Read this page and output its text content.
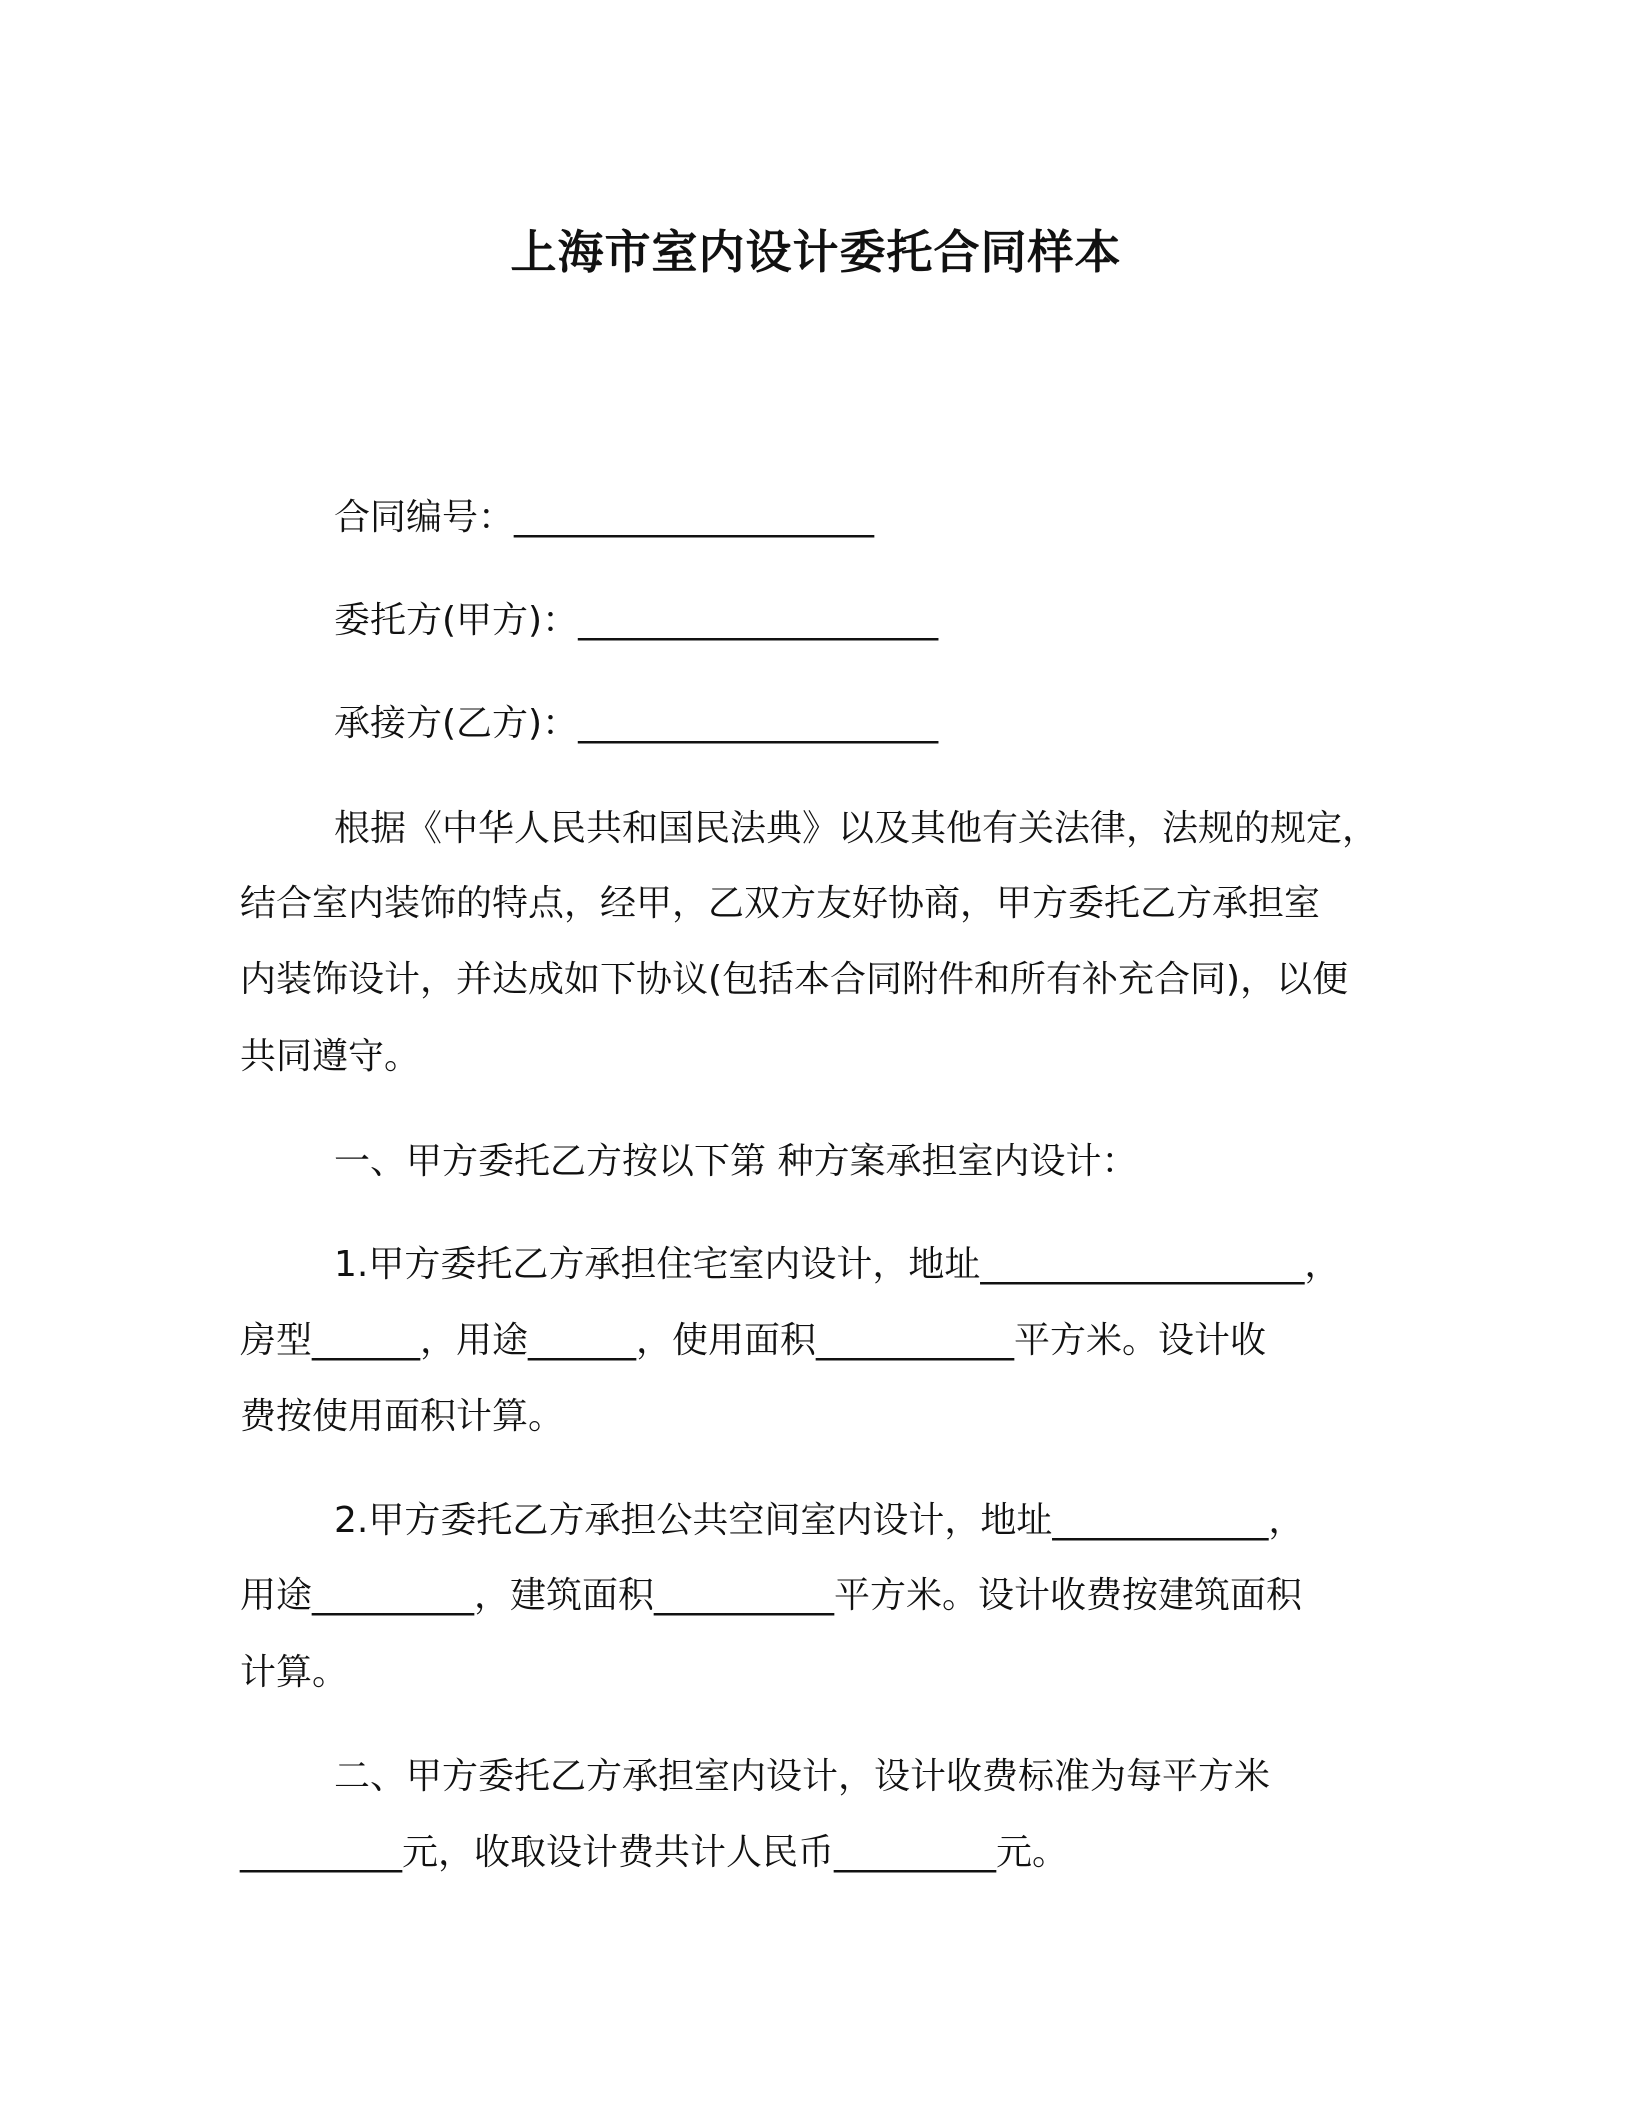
上海市室内设计委托合同样本
合同编号：____________________
委托方(甲方)：____________________
承接方(乙方)：____________________
根据《中华人民共和国民法典》以及其他有关法律，法规的规定，
结合室内装饰的特点，经甲，乙双方友好协商，甲方委托乙方承担室
内装饰设计，并达成如下协议(包括本合同附件和所有补充合同)，以便
共同遵守。
一、甲方委托乙方按以下第 种方案承担室内设计：
1.甲方委托乙方承担住宅室内设计，地址__________________，
房型______，用途______，使用面积___________平方米。设计收
费按使用面积计算。
2.甲方委托乙方承担公共空间室内设计，地址____________，
用途_________，建筑面积__________平方米。设计收费按建筑面积
计算。
二、甲方委托乙方承担室内设计，设计收费标准为每平方米
_________元，收取设计费共计人民币_________元。
